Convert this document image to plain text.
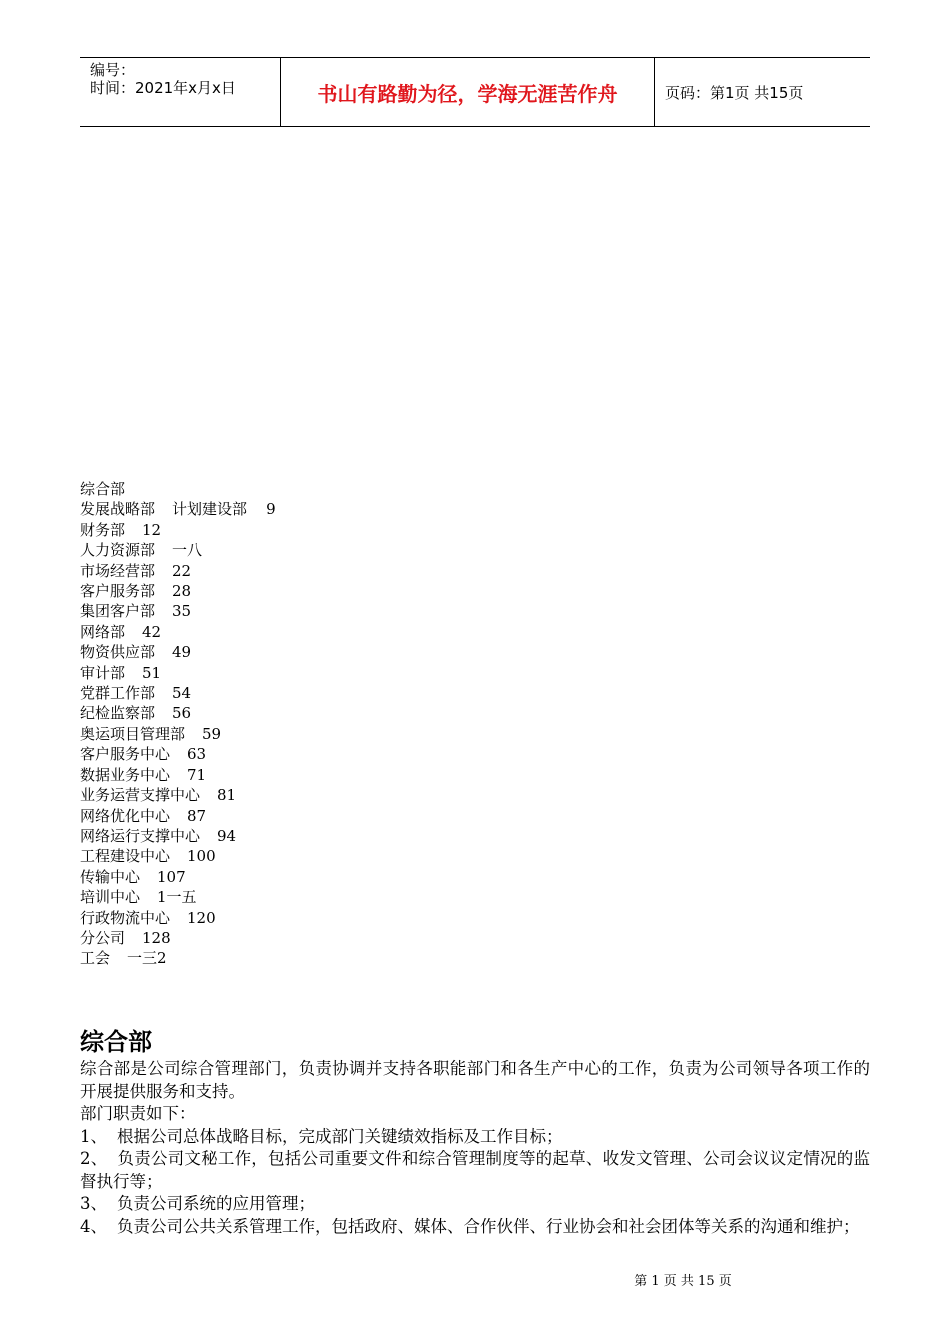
编号：
时间：2021年x月x日	书山有路勤为径，学海无涯苦作舟	页码：第1页 共15页
综合部
发展战略部 计划建设部    9
财务部 12
人力资源部 一八
市场经营部 22
客户服务部 28
集团客户部 35
网络部 42
物资供应部 49
审计部 51
党群工作部 54
纪检监察部 56
奥运项目管理部 59
客户服务中心 63
数据业务中心 71
业务运营支撑中心 81
网络优化中心 87
网络运行支撑中心 94
工程建设中心 100
传输中心 107
培训中心 1一五
行政物流中心 120
分公司 128
工会 一三2
综合部
综合部是公司综合管理部门，负责协调并支持各职能部门和各生产中心的工作，负责为公司领导各项工作的开展提供服务和支持。
部门职责如下：
1、 根据公司总体战略目标，完成部门关键绩效指标及工作目标；
2、 负责公司文秘工作，包括公司重要文件和综合管理制度等的起草、收发文管理、公司会议议定情况的监督执行等；
3、 负责公司系统的应用管理；
4、 负责公司公共关系管理工作，包括政府、媒体、合作伙伴、行业协会和社会团体等关系的沟通和维护；
第 1 页 共 15 页
